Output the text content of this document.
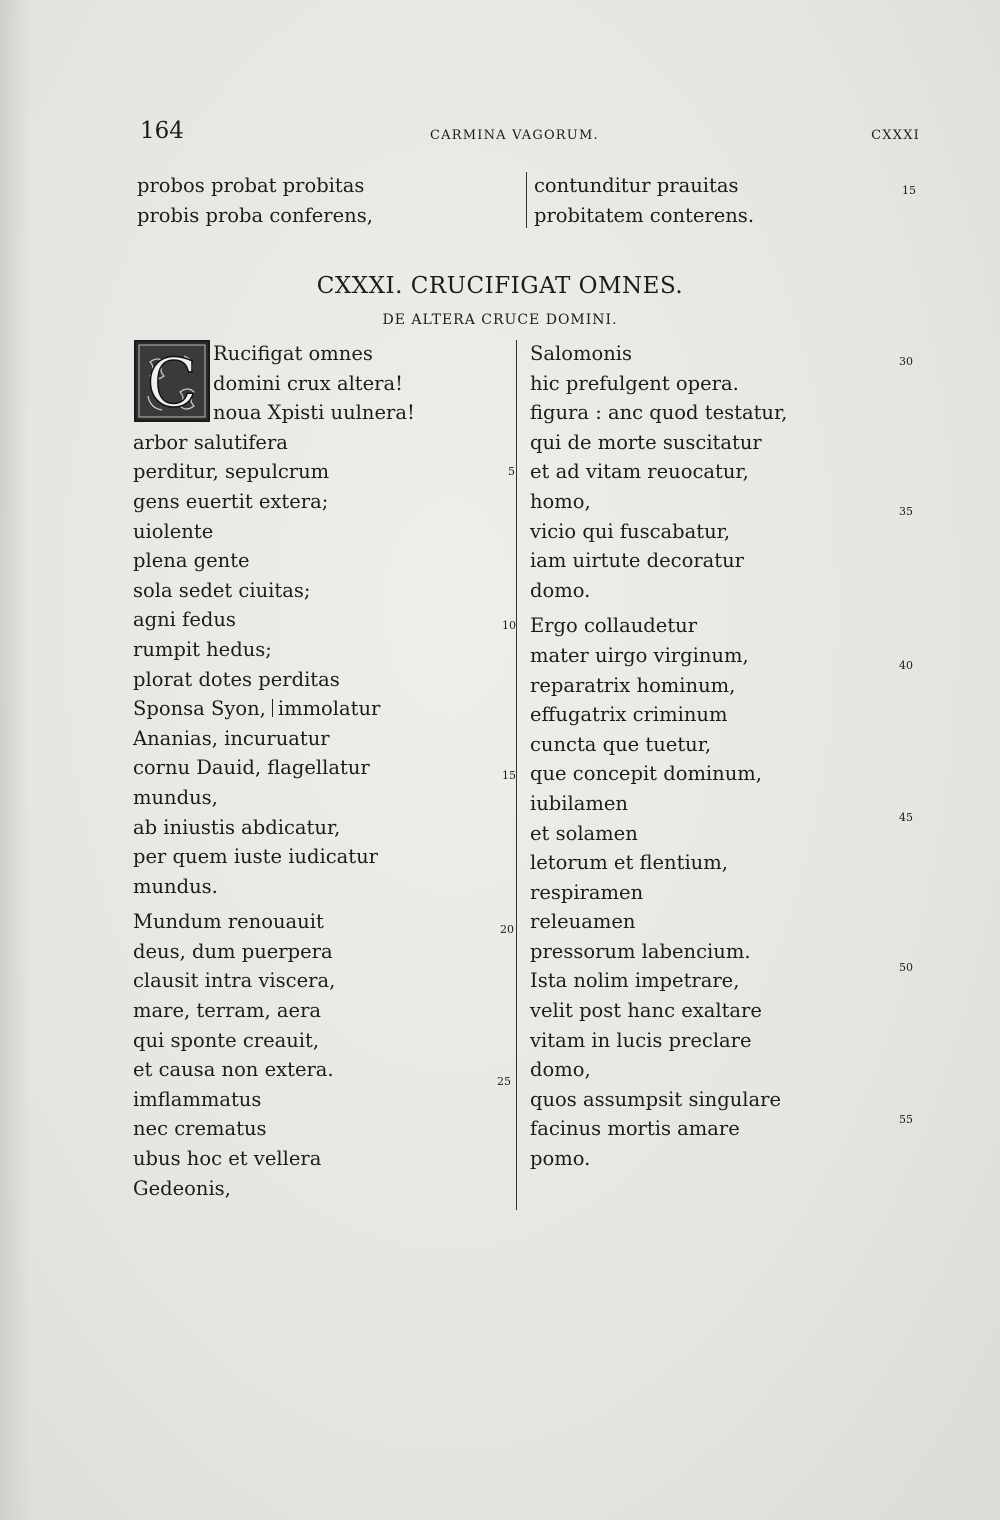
164	CARMINA VAGORUM.	CXXXI
probos probat probitas
probis proba conferens,
contunditur prauitas
probitatem conterens.
15
CXXXI. CRUCIFIGAT OMNES.
DE ALTERA CRUCE DOMINI.
C Rucifigat omnes
domini crux altera!
noua Xpisti uulnera!
arbor salutifera
perditur, sepulcrum
gens euertit extera;
uiolente
plena gente
sola sedet ciuitas;
agni fedus
rumpit hedus;
plorat dotes perditas
Sponsa Syon, immolatur
Ananias, incuruatur
cornu Dauid, flagellatur
mundus,
ab iniustis abdicatur,
per quem iuste iudicatur
mundus.
Mundum renouauit
deus, dum puerpera
clausit intra viscera,
mare, terram, aera
qui sponte creauit,
et causa non extera.
imflammatus
nec crematus
ubus hoc et vellera
Gedeonis,
5
10
15
20
25
Salomonis
hic prefulgent opera.
figura : anc quod testatur,
qui de morte suscitatur
et ad vitam reuocatur,
homo,
vicio qui fuscabatur,
iam uirtute decoratur
domo.
Ergo collaudetur
mater uirgo virginum,
reparatrix hominum,
effugatrix criminum
cuncta que tuetur,
que concepit dominum,
iubilamen
et solamen
letorum et flentium,
respiramen
releuamen
pressorum labencium.
Ista nolim impetrare,
velit post hanc exaltare
vitam in lucis preclare
domo,
quos assumpsit singulare
facinus mortis amare
pomo.
30
35
40
45
50
55
